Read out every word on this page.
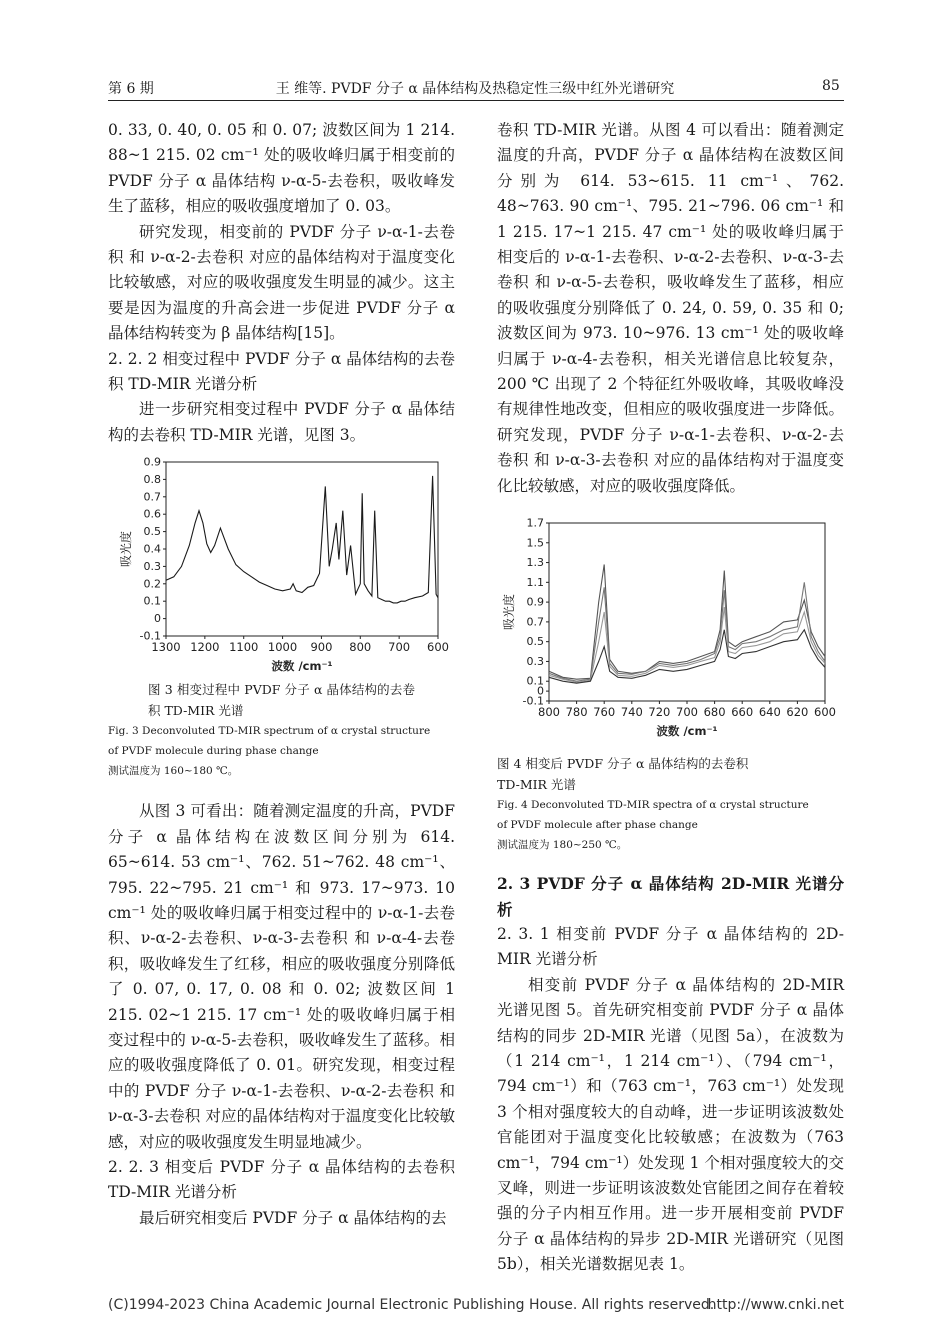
第 6 期	王 维等. PVDF 分子 α 晶体结构及热稳定性三级中红外光谱研究	85

0. 33, 0. 40, 0. 05 和 0. 07; 波数区间为 1 214. 88~1 215. 02 cm⁻¹ 处的吸收峰归属于相变前的 PVDF 分子 α 晶体结构 ν-α-5-去卷积，吸收峰发生了蓝移，相应的吸收强度增加了 0. 03。

研究发现，相变前的 PVDF 分子 ν-α-1-去卷积 和 ν-α-2-去卷积 对应的晶体结构对于温度变化比较敏感，对应的吸收强度发生明显的减少。这主要是因为温度的升高会进一步促进 PVDF 分子 α 晶体结构转变为 β 晶体结构[15]。

2. 2. 2 相变过程中 PVDF 分子 α 晶体结构的去卷积 TD-MIR 光谱分析

进一步研究相变过程中 PVDF 分子 α 晶体结构的去卷积 TD-MIR 光谱，见图 3。

0.9
0.8
0.7
0.6
0.5
0.4
0.3
0.2
0.1
0
-0.1
1300 1200 1100 1000 900 800 700 600
波数 /cm⁻¹
吸光度

图 3 相变过程中 PVDF 分子 α 晶体结构的去卷积 TD-MIR 光谱

Fig. 3 Deconvoluted TD-MIR spectrum of α crystal structure

of PVDF molecule during phase change

测试温度为 160~180 ℃。

从图 3 可看出：随着测定温度的升高，PVDF 分子 α 晶体结构在波数区间分别为 614. 65~614. 53 cm⁻¹、762. 51~762. 48 cm⁻¹、795. 22~795. 21 cm⁻¹ 和 973. 17~973. 10 cm⁻¹ 处的吸收峰归属于相变过程中的 ν-α-1-去卷积、ν-α-2-去卷积、ν-α-3-去卷积 和 ν-α-4-去卷积，吸收峰发生了红移，相应的吸收强度分别降低了 0. 07, 0. 17, 0. 08 和 0. 02; 波数区间 1 215. 02~1 215. 17 cm⁻¹ 处的吸收峰归属于相变过程中的 ν-α-5-去卷积，吸收峰发生了蓝移。相应的吸收强度降低了 0. 01。研究发现，相变过程中的 PVDF 分子 ν-α-1-去卷积、ν-α-2-去卷积 和 ν-α-3-去卷积 对应的晶体结构对于温度变化比较敏感，对应的吸收强度发生明显地减少。

2. 2. 3 相变后 PVDF 分子 α 晶体结构的去卷积 TD-MIR 光谱分析

最后研究相变后 PVDF 分子 α 晶体结构的去

卷积 TD-MIR 光谱。从图 4 可以看出：随着测定温度的升高，PVDF 分子 α 晶体结构在波数区间分别为 614. 53~615. 11 cm⁻¹、762. 48~763. 90 cm⁻¹、795. 21~796. 06 cm⁻¹ 和 1 215. 17~1 215. 47 cm⁻¹ 处的吸收峰归属于相变后的 ν-α-1-去卷积、ν-α-2-去卷积、ν-α-3-去卷积 和 ν-α-5-去卷积，吸收峰发生了蓝移，相应的吸收强度分别降低了 0. 24, 0. 59, 0. 35 和 0; 波数区间为 973. 10~976. 13 cm⁻¹ 处的吸收峰归属于 ν-α-4-去卷积，相关光谱信息比较复杂，200 ℃ 出现了 2 个特征红外吸收峰，其吸收峰没有规律性地改变，但相应的吸收强度进一步降低。研究发现，PVDF 分子 ν-α-1-去卷积、ν-α-2-去卷积 和 ν-α-3-去卷积 对应的晶体结构对于温度变化比较敏感，对应的吸收强度降低。

1.7
1.5
1.3
1.1
0.9
0.7
0.5
0.3
0.1
0
-0.1
800 780 760 740 720 700 680 660 640 620 600
波数 /cm⁻¹
吸光度

图 4 相变后 PVDF 分子 α 晶体结构的去卷积

TD-MIR 光谱

Fig. 4 Deconvoluted TD-MIR spectra of α crystal structure

of PVDF molecule after phase change

测试温度为 180~250 ℃。

2. 3 PVDF 分子 α 晶体结构 2D-MIR 光谱分析

2. 3. 1 相变前 PVDF 分子 α 晶体结构的 2D-MIR 光谱分析

相变前 PVDF 分子 α 晶体结构的 2D-MIR 光谱见图 5。首先研究相变前 PVDF 分子 α 晶体结构的同步 2D-MIR 光谱（见图 5a），在波数为（1 214 cm⁻¹，1 214 cm⁻¹）、（794 cm⁻¹，794 cm⁻¹）和（763 cm⁻¹，763 cm⁻¹）处发现 3 个相对强度较大的自动峰，进一步证明该波数处官能团对于温度变化比较敏感；在波数为（763 cm⁻¹，794 cm⁻¹）处发现 1 个相对强度较大的交叉峰，则进一步证明该波数处官能团之间存在着较强的分子内相互作用。进一步开展相变前 PVDF 分子 α 晶体结构的异步 2D-MIR 光谱研究（见图 5b），相关光谱数据见表 1。

(C)1994-2023 China Academic Journal Electronic Publishing House. All rights reserved.
http://www.cnki.net
